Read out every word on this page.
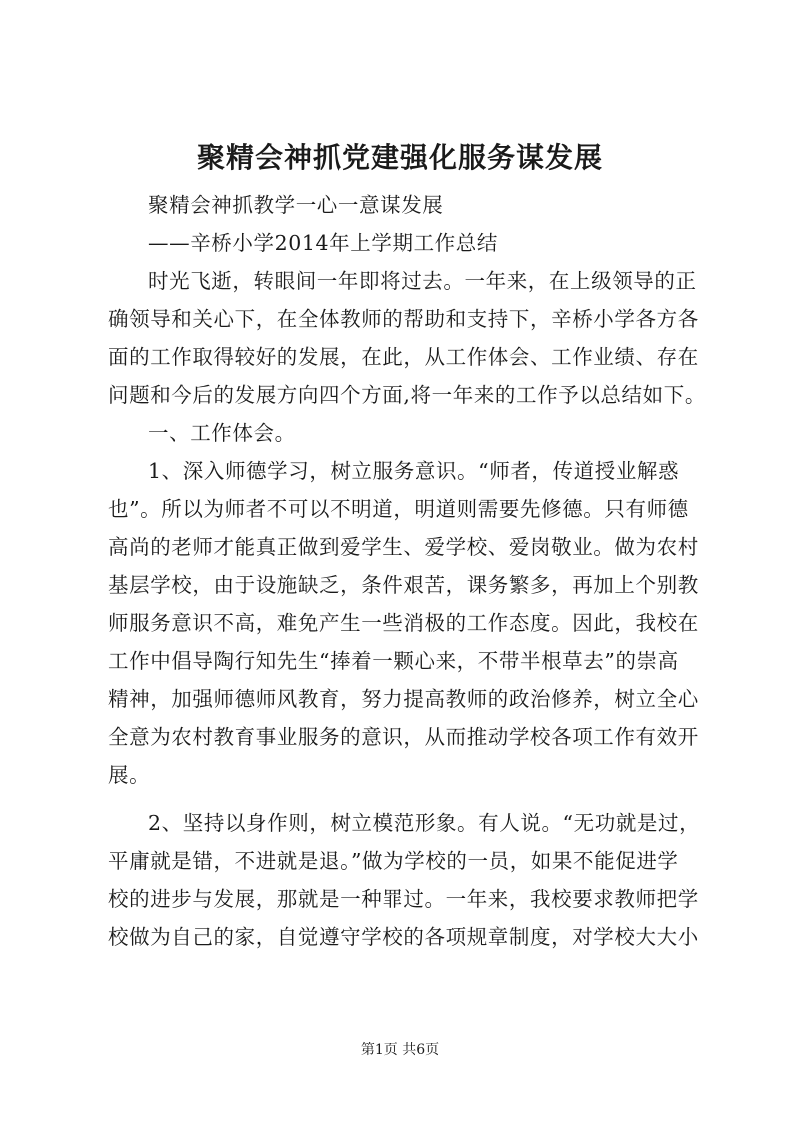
聚精会神抓党建强化服务谋发展
聚精会神抓教学一心一意谋发展
——辛桥小学2014年上学期工作总结
时光飞逝，转眼间一年即将过去。一年来，在上级领导的正
确领导和关心下，在全体教师的帮助和支持下，辛桥小学各方各
面的工作取得较好的发展，在此，从工作体会、工作业绩、存在
问题和今后的发展方向四个方面,将一年来的工作予以总结如下。
一、工作体会。
1、深入师德学习，树立服务意识。“师者，传道授业解惑
也”。所以为师者不可以不明道，明道则需要先修德。只有师德
高尚的老师才能真正做到爱学生、爱学校、爱岗敬业。做为农村
基层学校，由于设施缺乏，条件艰苦，课务繁多，再加上个别教
师服务意识不高，难免产生一些消极的工作态度。因此，我校在
工作中倡导陶行知先生“捧着一颗心来，不带半根草去”的崇高
精神，加强师德师风教育，努力提高教师的政治修养，树立全心
全意为农村教育事业服务的意识，从而推动学校各项工作有效开
展。
2、坚持以身作则，树立模范形象。有人说。“无功就是过，
平庸就是错，不进就是退。”做为学校的一员，如果不能促进学
校的进步与发展，那就是一种罪过。一年来，我校要求教师把学
校做为自己的家，自觉遵守学校的各项规章制度，对学校大大小
第1页 共6页
